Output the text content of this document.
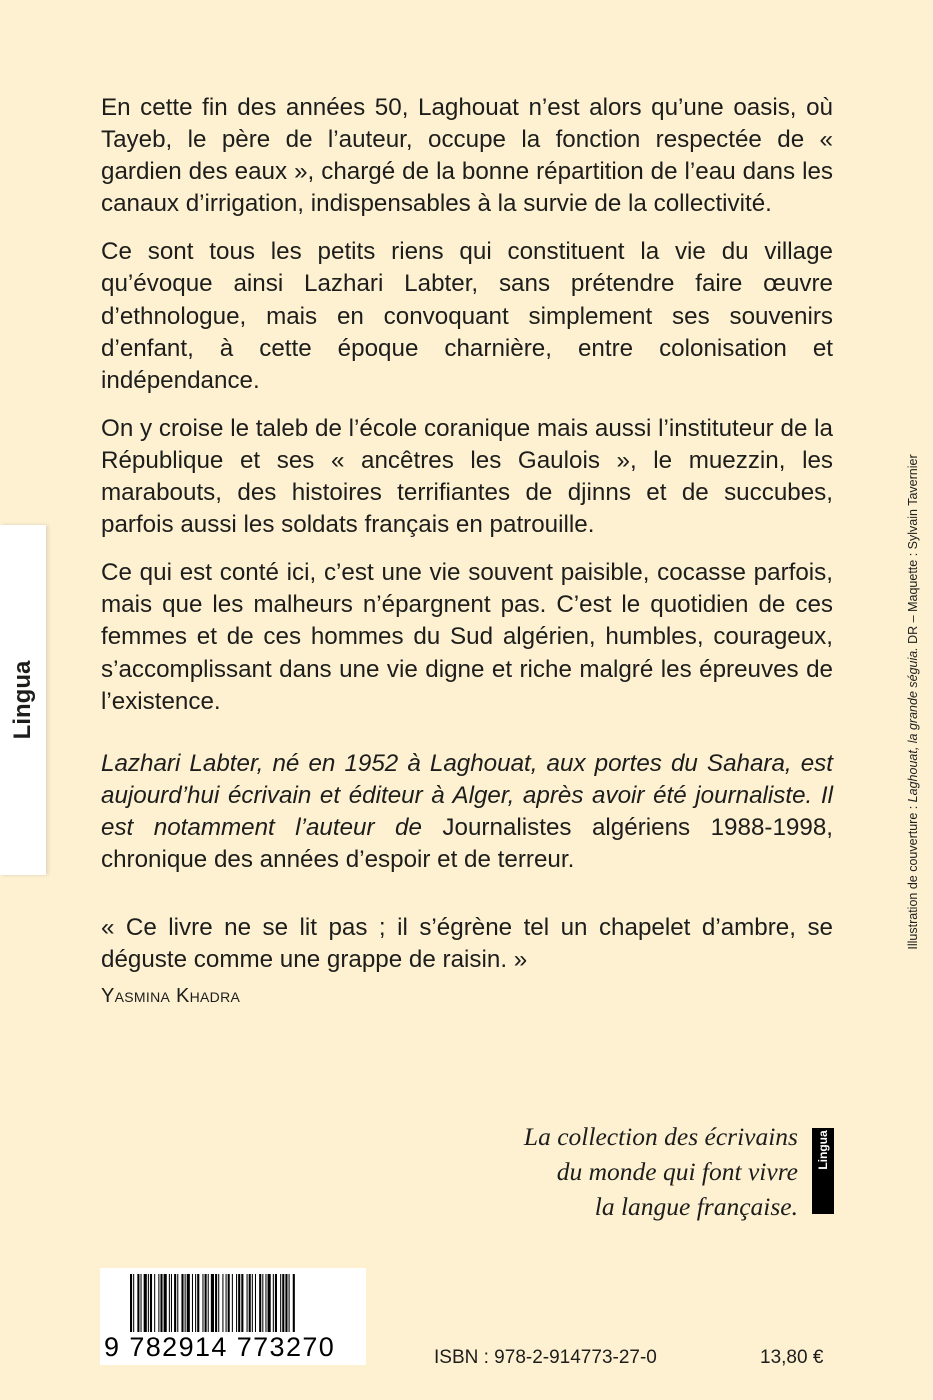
Lingua

En cette fin des années 50, Laghouat n’est alors qu’une oasis, où Tayeb, le père de l’auteur, occupe la fonction respectée de « gardien des eaux », chargé de la bonne répartition de l’eau dans les canaux d’irrigation, indispensables à la survie de la collectivité.

Ce sont tous les petits riens qui constituent la vie du village qu’évoque ainsi Lazhari Labter, sans prétendre faire œuvre d’ethnologue, mais en convoquant simplement ses souvenirs d’enfant, à cette époque charnière, entre colonisation et indépendance.

On y croise le taleb de l’école coranique mais aussi l’instituteur de la République et ses « ancêtres les Gaulois », le muezzin, les marabouts, des histoires terrifiantes de djinns et de succubes, parfois aussi les soldats français en patrouille.

Ce qui est conté ici, c’est une vie souvent paisible, cocasse parfois, mais que les malheurs n’épargnent pas. C’est le quotidien de ces femmes et de ces hommes du Sud algérien, humbles, courageux, s’accomplissant dans une vie digne et riche malgré les épreuves de l’existence.

Lazhari Labter, né en 1952 à Laghouat, aux portes du Sahara, est aujourd’hui écrivain et éditeur à Alger, après avoir été journaliste. Il est notamment l’auteur de Journalistes algériens 1988-1998, chronique des années d’espoir et de terreur.

« Ce livre ne se lit pas ; il s’égrène tel un chapelet d’ambre, se déguste comme une grappe de raisin. »

Yasmina Khadra
Illustration de couverture : Laghouat, la grande séguia. DR – Maquette : Sylvain Tavernier
La collection des écrivains
du monde qui font vivre
la langue française.
Lingua
9 782914 773270	ISBN : 978-2-914773-27-0	13,80 €
